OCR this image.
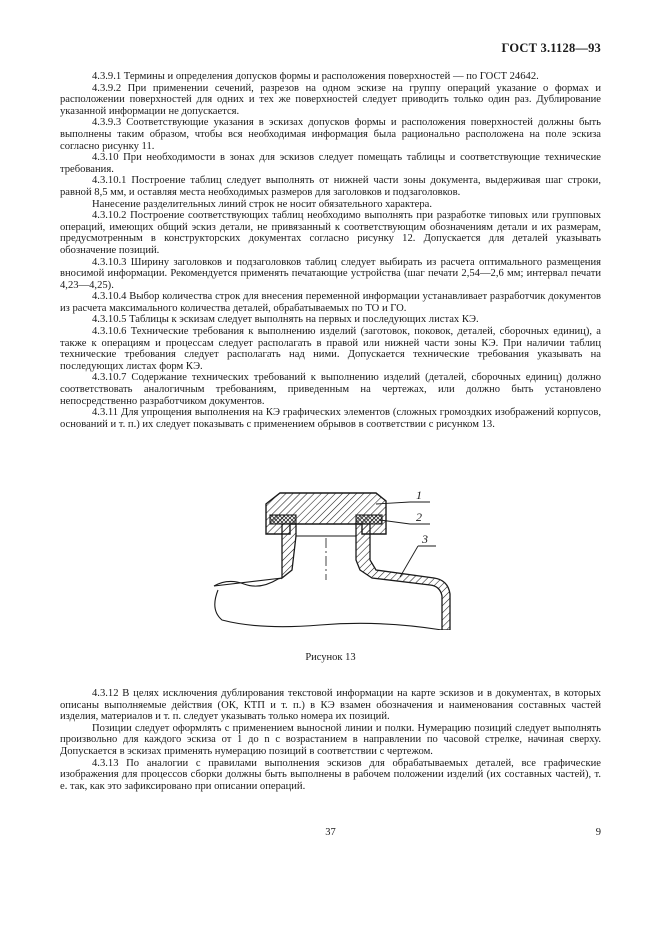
ГОСТ 3.1128—93

4.3.9.1 Термины и определения допусков формы и расположения поверхностей — по ГОСТ 24642.

4.3.9.2 При применении сечений, разрезов на одном эскизе на группу операций указание о формах и расположении поверхностей для одних и тех же поверхностей следует приводить только один раз. Дублирование указанной информации не допускается.

4.3.9.3 Соответствующие указания в эскизах допусков формы и расположения поверхностей должны быть выполнены таким образом, чтобы вся необходимая информация была рационально расположена на поле эскиза согласно рисунку 11.

4.3.10 При необходимости в зонах для эскизов следует помещать таблицы и соответствующие технические требования.

4.3.10.1 Построение таблиц следует выполнять от нижней части зоны документа, выдерживая шаг строки, равной 8,5 мм, и оставляя места необходимых размеров для заголовков и подзаголовков.

Нанесение разделительных линий строк не носит обязательного характера.

4.3.10.2 Построение соответствующих таблиц необходимо выполнять при разработке типовых или групповых операций, имеющих общий эскиз детали, не привязанный к соответствующим обозначениям детали и их размерам, предусмотренным в конструкторских документах согласно рисунку 12. Допускается для деталей указывать обозначение позиций.

4.3.10.3 Ширину заголовков и подзаголовков таблиц следует выбирать из расчета оптимального размещения вносимой информации. Рекомендуется применять печатающие устройства (шаг печати 2,54—2,6 мм; интервал печати 4,23—4,25).

4.3.10.4 Выбор количества строк для внесения переменной информации устанавливает разработчик документов из расчета максимального количества деталей, обрабатываемых по ТО и ГО.

4.3.10.5 Таблицы к эскизам следует выполнять на первых и последующих листах КЭ.

4.3.10.6 Технические требования к выполнению изделий (заготовок, поковок, деталей, сборочных единиц), а также к операциям и процессам следует располагать в правой или нижней части зоны КЭ. При наличии таблиц технические требования следует располагать над ними. Допускается технические требования указывать на последующих листах форм КЭ.

4.3.10.7 Содержание технических требований к выполнению изделий (деталей, сборочных единиц) должно соответствовать аналогичным требованиям, приведенным на чертежах, или должно быть установлено непосредственно разработчиком документов.

4.3.11 Для упрощения выполнения на КЭ графических элементов (сложных громоздких изображений корпусов, оснований и т. п.) их следует показывать с применением обрывов в соответствии с рисунком 13.

1
2
3
Рисунок 13

4.3.12 В целях исключения дублирования текстовой информации на карте эскизов и в документах, в которых описаны выполняемые действия (ОК, КТП и т. п.) в КЭ взамен обозначения и наименования составных частей изделия, материалов и т. п. следует указывать только номера их позиций.

Позиции следует оформлять с применением выносной линии и полки. Нумерацию позиций следует выполнять произвольно для каждого эскиза от 1 до n с возрастанием в направлении по часовой стрелке, начиная сверху. Допускается в эскизах применять нумерацию позиций в соответствии с чертежом.

4.3.13 По аналогии с правилами выполнения эскизов для обрабатываемых деталей, все графические изображения для процессов сборки должны быть выполнены в рабочем положении изделий (их составных частей), т. е. так, как это зафиксировано при описании операций.

37	9
